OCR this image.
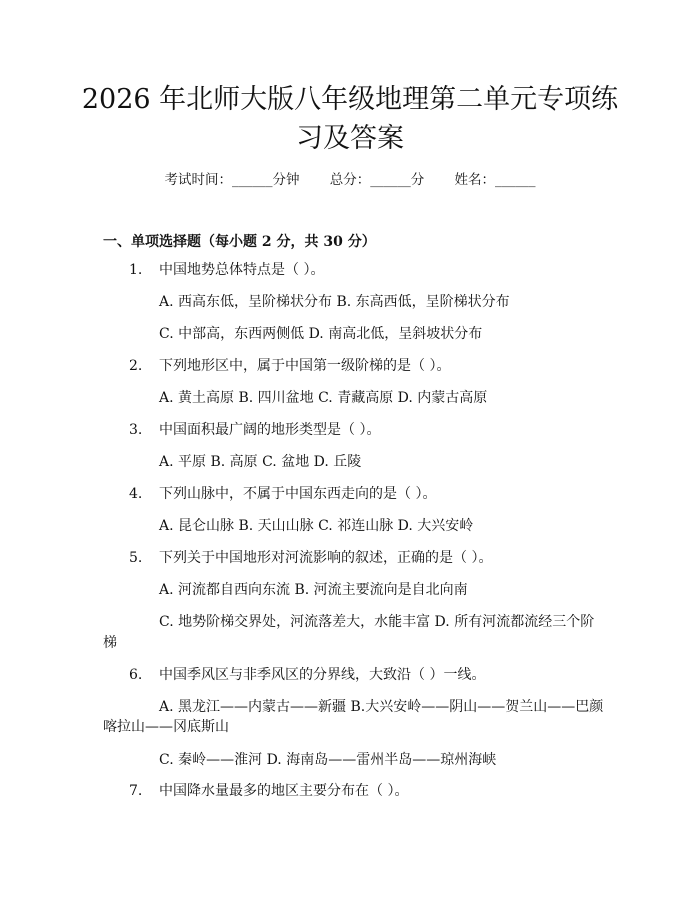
2026 年北师大版八年级地理第二单元专项练
习及答案
考试时间：______分钟 总分：______分 姓名：______
一、单项选择题（每小题 2 分，共 30 分）
1. 中国地势总体特点是（ ）。
A. 西高东低，呈阶梯状分布 B. 东高西低，呈阶梯状分布
C. 中部高，东西两侧低 D. 南高北低，呈斜坡状分布
2. 下列地形区中，属于中国第一级阶梯的是（ ）。
A. 黄土高原 B. 四川盆地 C. 青藏高原 D. 内蒙古高原
3. 中国面积最广阔的地形类型是（ ）。
A. 平原 B. 高原 C. 盆地 D. 丘陵
4. 下列山脉中，不属于中国东西走向的是（ ）。
A. 昆仑山脉 B. 天山山脉 C. 祁连山脉 D. 大兴安岭
5. 下列关于中国地形对河流影响的叙述，正确的是（ ）。
A. 河流都自西向东流 B. 河流主要流向是自北向南
C. 地势阶梯交界处，河流落差大，水能丰富 D. 所有河流都流经三个阶
梯
6. 中国季风区与非季风区的分界线，大致沿（ ）一线。
A. 黑龙江——内蒙古——新疆 B.大兴安岭——阴山——贺兰山——巴颜
喀拉山——冈底斯山
C. 秦岭——淮河 D. 海南岛——雷州半岛——琼州海峡
7. 中国降水量最多的地区主要分布在（ ）。
